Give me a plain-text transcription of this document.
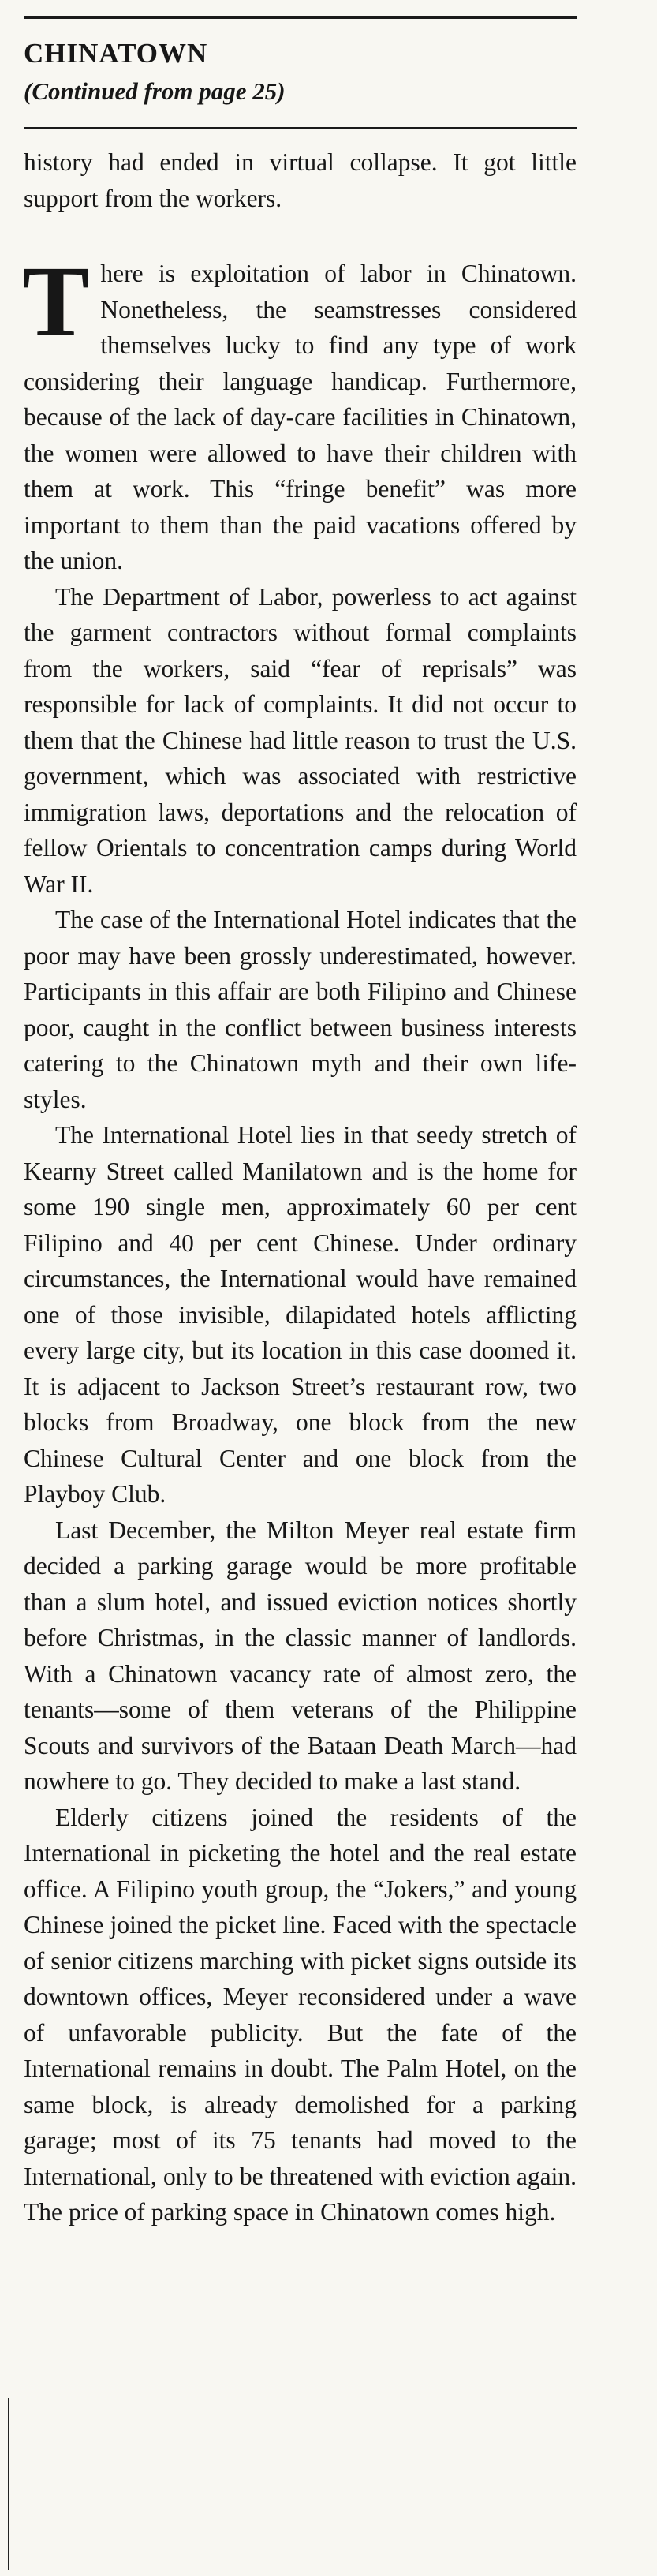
CHINATOWN
(Continued from page 25)

history had ended in virtual collapse. It got little support from the workers.

There is exploitation of labor in Chinatown. Nonetheless, the seamstresses considered themselves lucky to find any type of work considering their language handicap. Furthermore, because of the lack of day-care facilities in Chinatown, the women were allowed to have their children with them at work. This “fringe benefit” was more important to them than the paid vacations offered by the union.

The Department of Labor, powerless to act against the garment contractors without formal complaints from the workers, said “fear of reprisals” was responsible for lack of complaints. It did not occur to them that the Chinese had little reason to trust the U.S. government, which was associated with restrictive immigration laws, deportations and the relocation of fellow Orientals to concentration camps during World War II.

The case of the International Hotel indicates that the poor may have been grossly underestimated, however. Participants in this affair are both Filipino and Chinese poor, caught in the conflict between business interests catering to the Chinatown myth and their own life-styles.

The International Hotel lies in that seedy stretch of Kearny Street called Manilatown and is the home for some 190 single men, approximately 60 per cent Filipino and 40 per cent Chinese. Under ordinary circumstances, the International would have remained one of those invisible, dilapidated hotels afflicting every large city, but its location in this case doomed it. It is adjacent to Jackson Street’s restaurant row, two blocks from Broadway, one block from the new Chinese Cultural Center and one block from the Playboy Club.

Last December, the Milton Meyer real estate firm decided a parking garage would be more profitable than a slum hotel, and issued eviction notices shortly before Christmas, in the classic manner of landlords. With a Chinatown vacancy rate of almost zero, the tenants—some of them veterans of the Philippine Scouts and survivors of the Bataan Death March—had nowhere to go. They decided to make a last stand.

Elderly citizens joined the residents of the International in picketing the hotel and the real estate office. A Filipino youth group, the “Jokers,” and young Chinese joined the picket line. Faced with the spectacle of senior citizens marching with picket signs outside its downtown offices, Meyer reconsidered under a wave of unfavorable publicity. But the fate of the International remains in doubt. The Palm Hotel, on the same block, is already demolished for a parking garage; most of its 75 tenants had moved to the International, only to be threatened with eviction again. The price of parking space in Chinatown comes high.
